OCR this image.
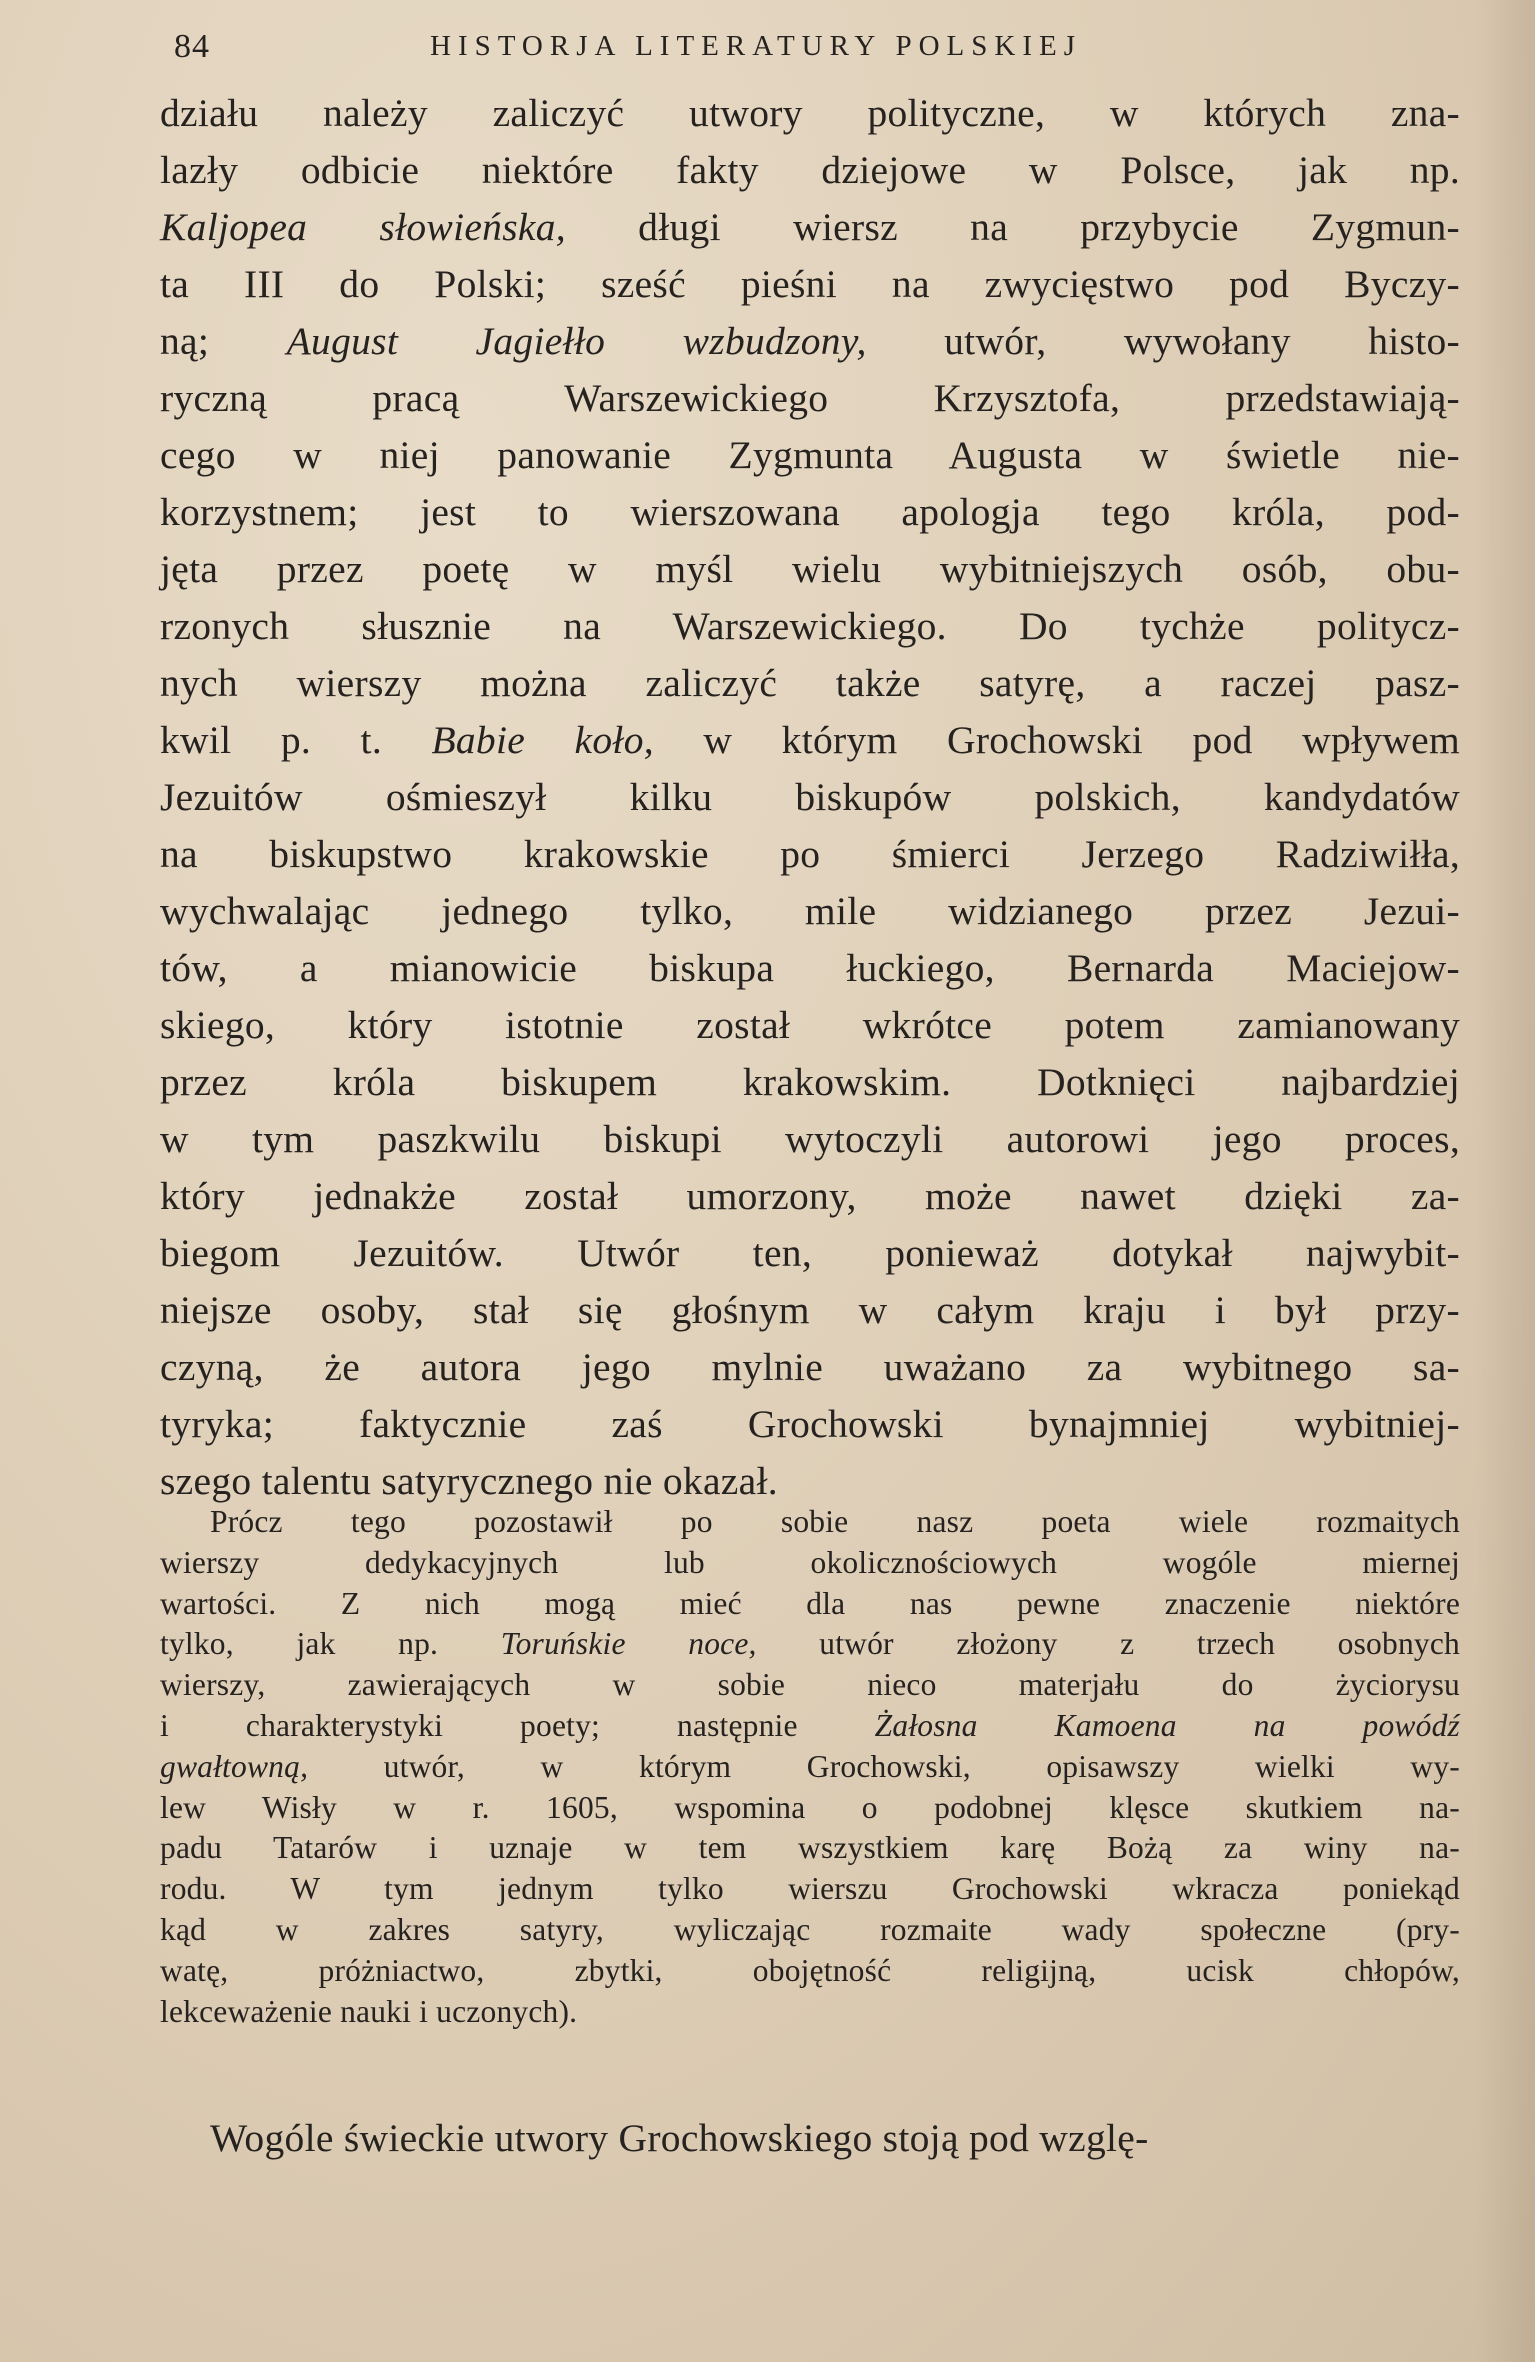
84	HISTORJA LITERATURY POLSKIEJ
działu należy zaliczyć utwory polityczne, w których zna-
lazły odbicie niektóre fakty dziejowe w Polsce, jak np.
Kaljopea słowieńska, długi wiersz na przybycie Zygmun-
ta III do Polski; sześć pieśni na zwycięstwo pod Byczy-
ną; August Jagiełło wzbudzony, utwór, wywołany histo-
ryczną pracą Warszewickiego Krzysztofa, przedstawiają-
cego w niej panowanie Zygmunta Augusta w świetle nie-
korzystnem; jest to wierszowana apologja tego króla, pod-
jęta przez poetę w myśl wielu wybitniejszych osób, obu-
rzonych słusznie na Warszewickiego. Do tychże politycz-
nych wierszy można zaliczyć także satyrę, a raczej pasz-
kwil p. t. Babie koło, w którym Grochowski pod wpływem
Jezuitów ośmieszył kilku biskupów polskich, kandydatów
na biskupstwo krakowskie po śmierci Jerzego Radziwiłła,
wychwalając jednego tylko, mile widzianego przez Jezui-
tów, a mianowicie biskupa łuckiego, Bernarda Maciejow-
skiego, który istotnie został wkrótce potem zamianowany
przez króla biskupem krakowskim. Dotknięci najbardziej
w tym paszkwilu biskupi wytoczyli autorowi jego proces,
który jednakże został umorzony, może nawet dzięki za-
biegom Jezuitów. Utwór ten, ponieważ dotykał najwybit-
niejsze osoby, stał się głośnym w całym kraju i był przy-
czyną, że autora jego mylnie uważano za wybitnego sa-
tyryka; faktycznie zaś Grochowski bynajmniej wybitniej-
szego talentu satyrycznego nie okazał.
Prócz tego pozostawił po sobie nasz poeta wiele rozmaitych
wierszy dedykacyjnych lub okolicznościowych wogóle miernej
wartości. Z nich mogą mieć dla nas pewne znaczenie niektóre
tylko, jak np. Toruńskie noce, utwór złożony z trzech osobnych
wierszy, zawierających w sobie nieco materjału do życiorysu
i charakterystyki poety; następnie Żałosna Kamoena na powódź
gwałtowną, utwór, w którym Grochowski, opisawszy wielki wy-
lew Wisły w r. 1605, wspomina o podobnej klęsce skutkiem na-
padu Tatarów i uznaje w tem wszystkiem karę Bożą za winy na-
rodu. W tym jednym tylko wierszu Grochowski wkracza poniekąd
kąd w zakres satyry, wyliczając rozmaite wady społeczne (pry-
watę, próżniactwo, zbytki, obojętność religijną, ucisk chłopów,
lekceważenie nauki i uczonych).
Wogóle świeckie utwory Grochowskiego stoją pod wzglę-
